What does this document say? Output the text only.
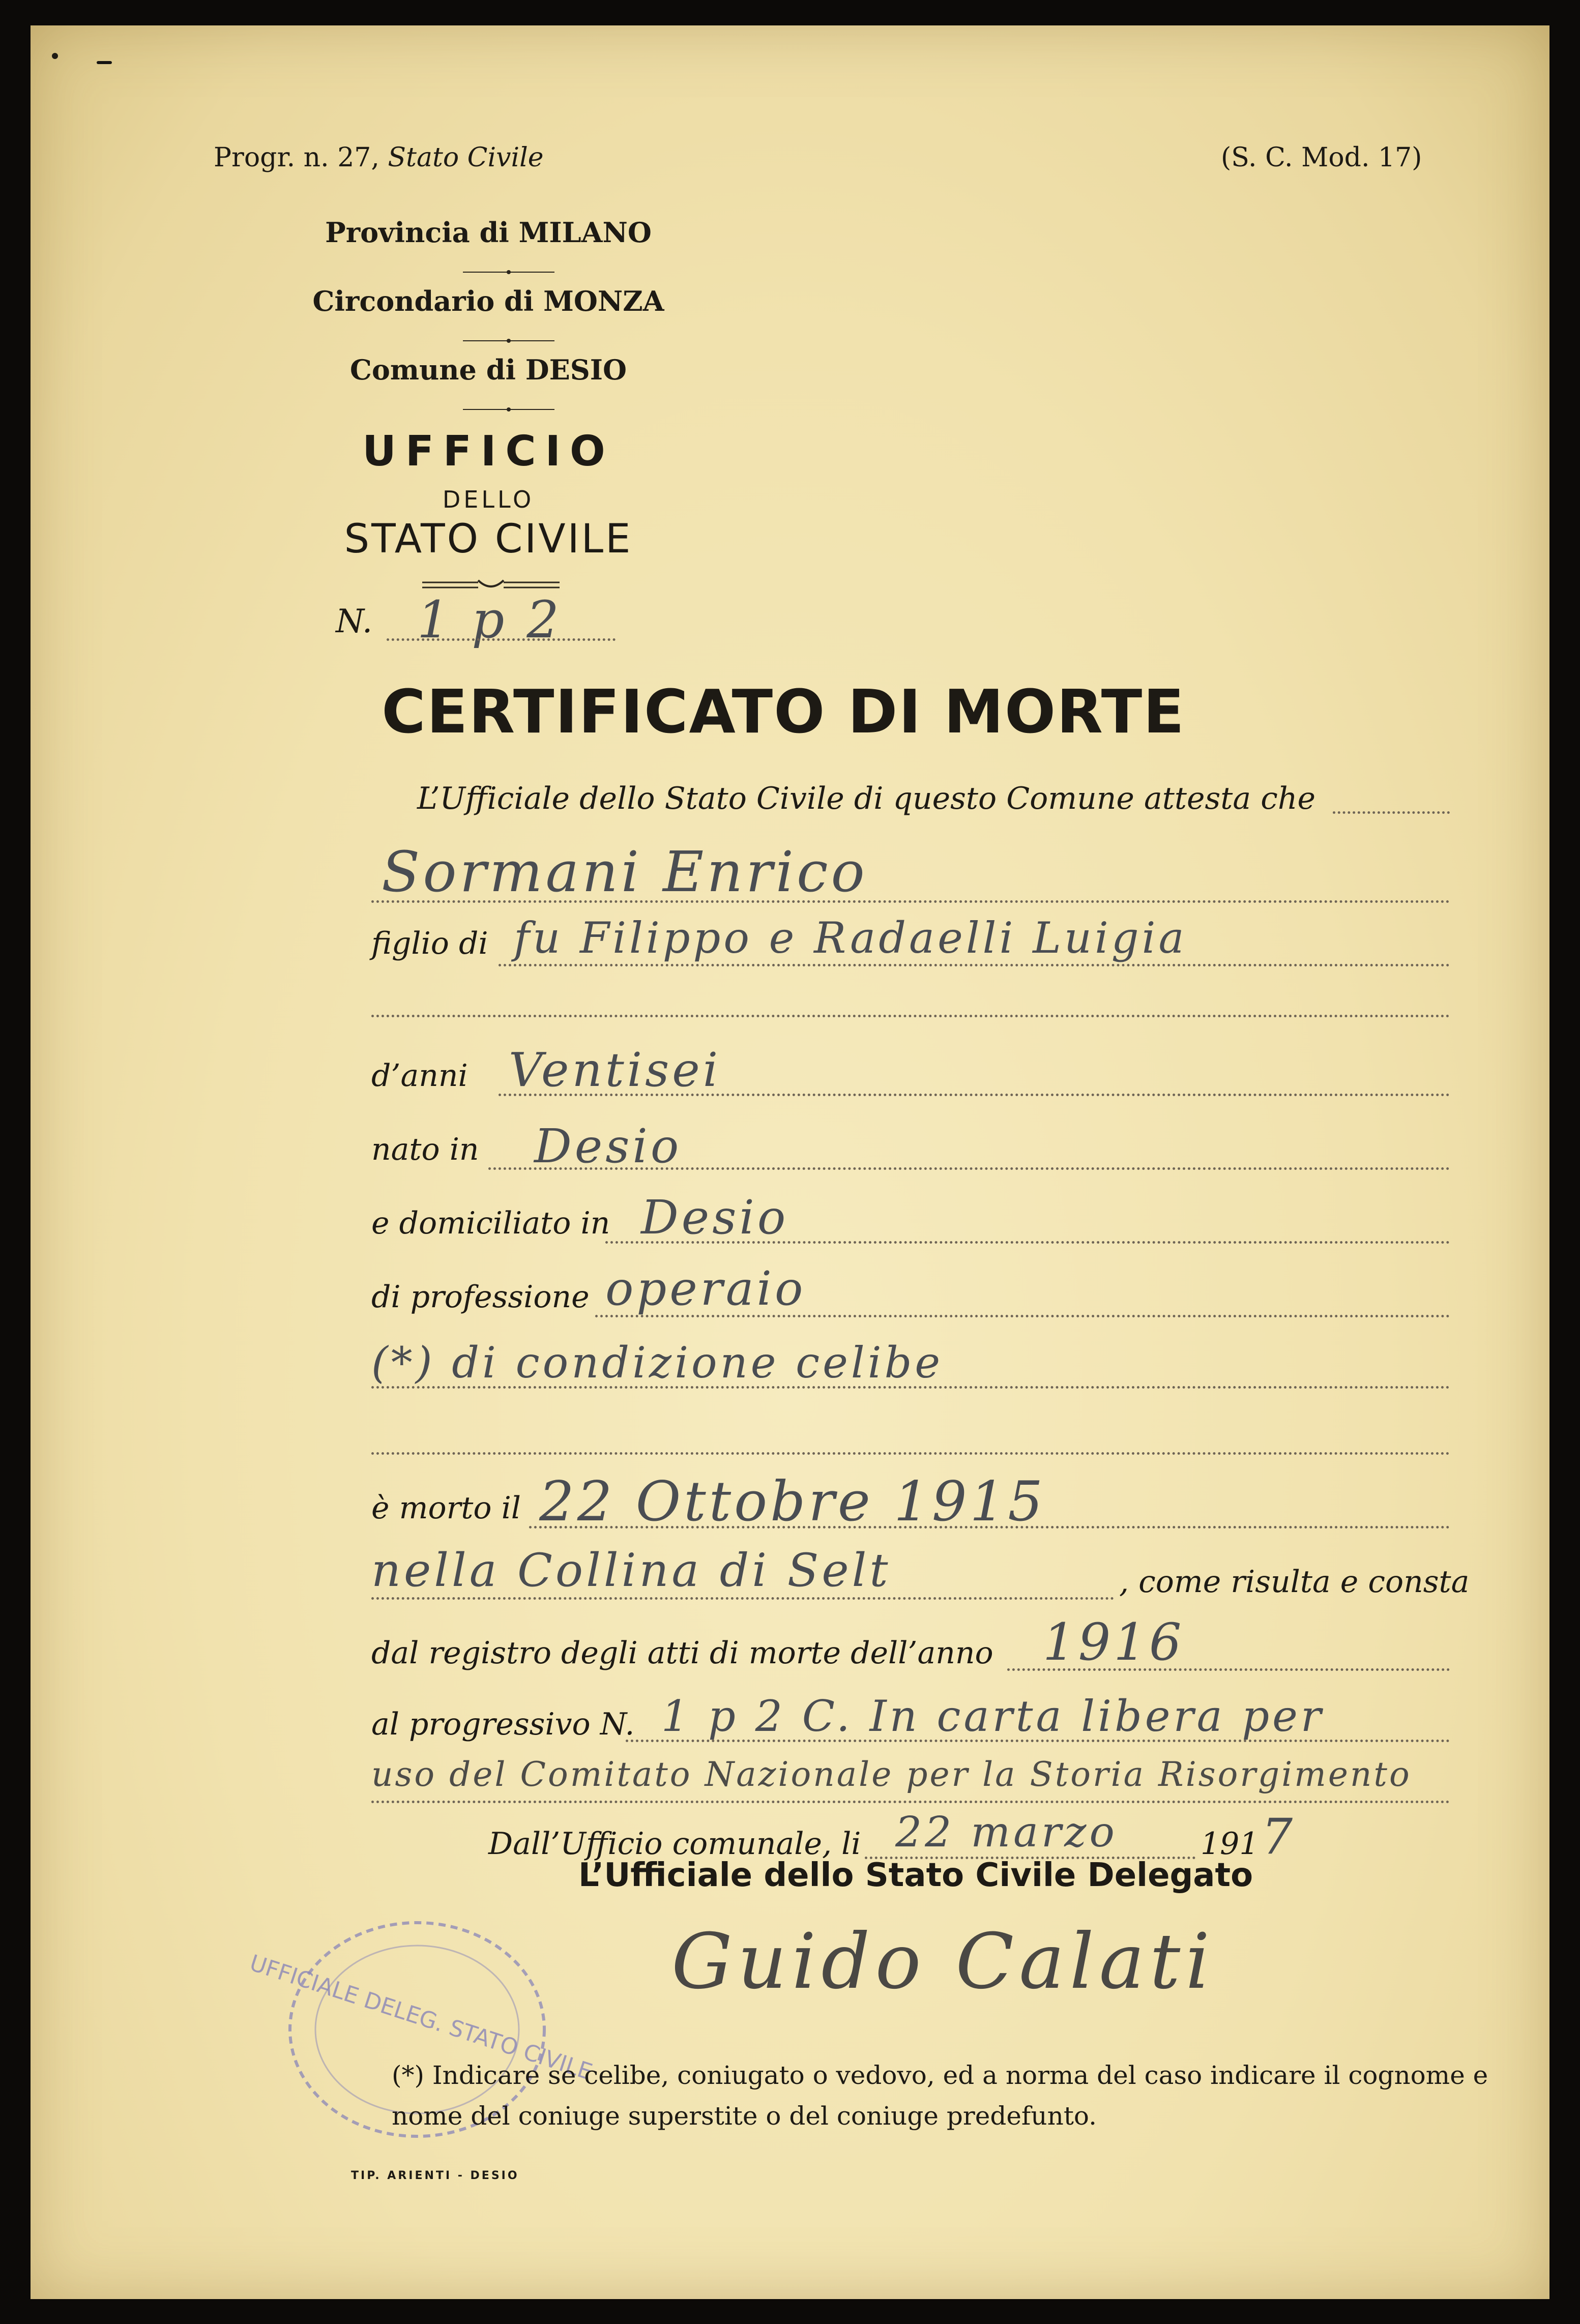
Progr. n. 27, Stato Civile	(S. C. Mod. 17)
Provincia di MILANO
Circondario di MONZA
Comune di DESIO
UFFICIO
DELLO
STATO CIVILE
N. 1 p 2
CERTIFICATO DI MORTE
L’Ufficiale dello Stato Civile di questo Comune attesta che
Sormani Enrico
figlio di fu Filippo e Radaelli Luigia
d’anni Ventisei
nato in Desio
e domiciliato in Desio
di professione operaio
(*) di condizione celibe
è morto il 22 Ottobre 1915
nella Collina di Selt	, come risulta e consta
dal registro degli atti di morte dell’anno 1916
al progressivo N. 1 p 2 C. In carta libera per
uso del Comitato Nazionale per la Storia Risorgimento
Dall’Ufficio comunale, li 22 marzo	191 7
L’Ufficiale dello Stato Civile Delegato
Guido Calati
UFFICIALE DELEG. STATO CIVILE
(*) Indicare se celibe, coniugato o vedovo, ed a norma del caso indicare il cognome e nome del coniuge superstite o del coniuge predefunto.
TIP. ARIENTI - DESIO
